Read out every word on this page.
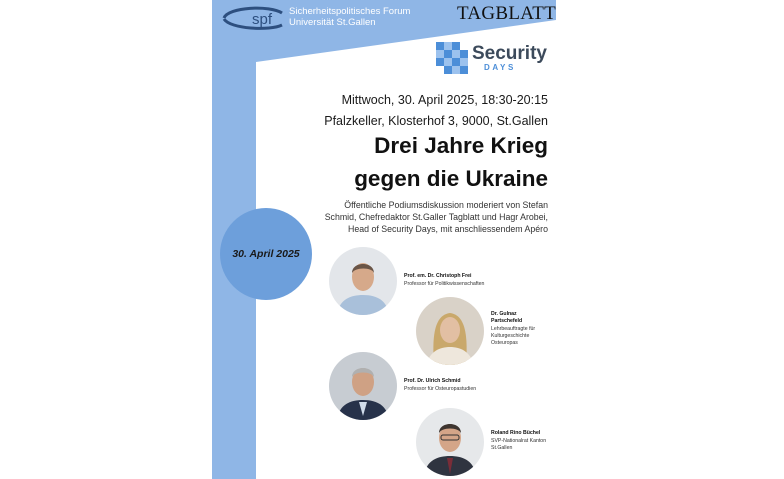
spf Sicherheitspolitisches Forum
Universität St.Gallen	TAGBLATT
Security
DAYS
Mittwoch, 30. April 2025, 18:30-20:15
Pfalzkeller, Klosterhof 3, 9000, St.Gallen
Drei Jahre Krieg
gegen die Ukraine
Öffentliche Podiumsdiskussion moderiert von Stefan
Schmid, Chefredaktor St.Galler Tagblatt und Hagr Arobei,
Head of Security Days, mit anschliessendem Apéro
30. April 2025
Prof. em. Dr. Christoph Frei
Professor für Politikwissenschaften
Dr. Gulnaz
Partschefeld
Lehrbeauftragte für
Kulturgeschichte
Osteuropas
Prof. Dr. Ulrich Schmid
Professor für Osteuropastudien
Roland Rino Büchel
SVP-Nationalrat Kanton
St.Gallen
